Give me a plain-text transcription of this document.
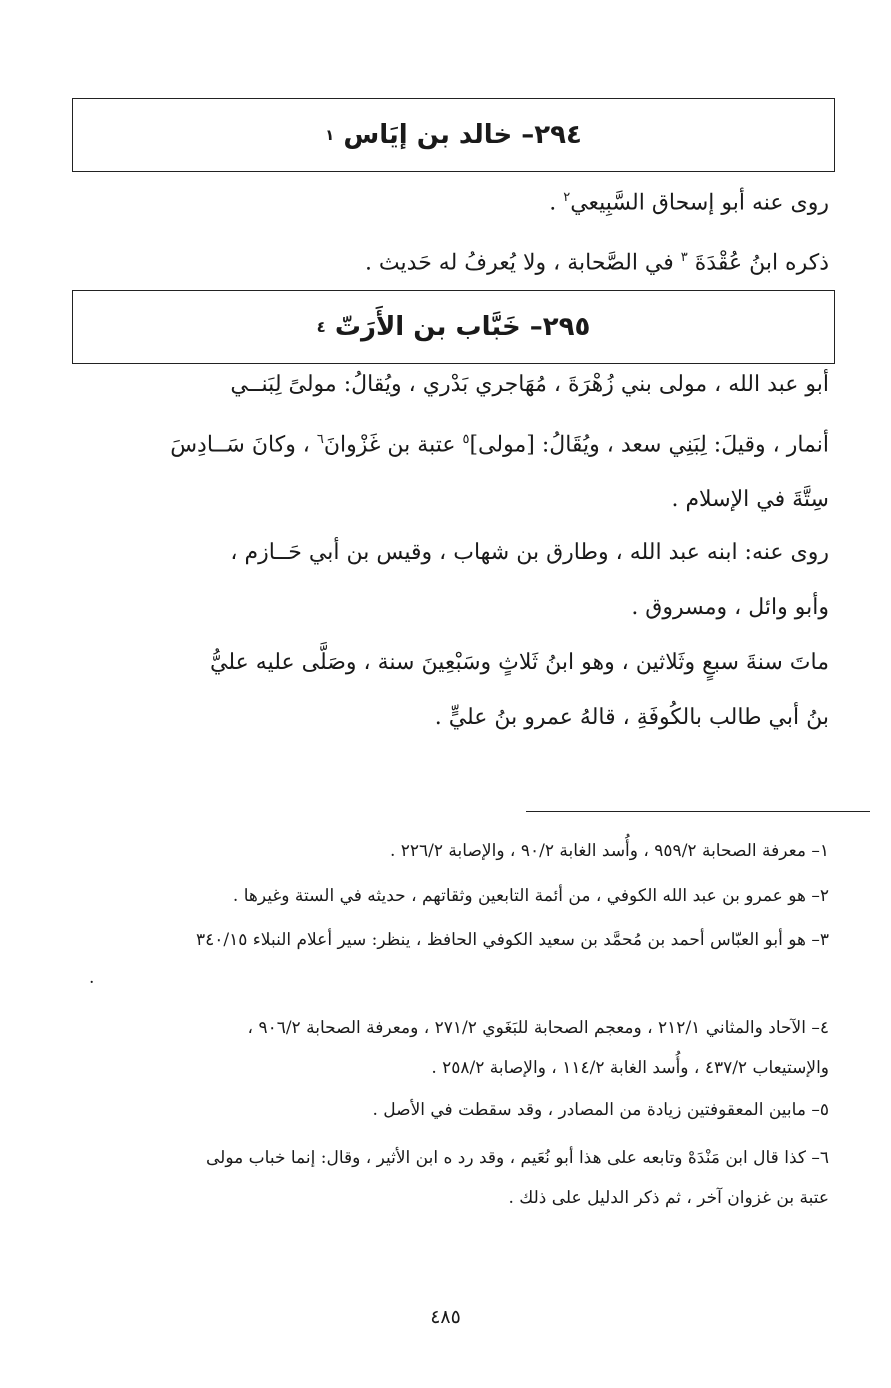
٢٩٤
–

خالد بن إيَاس

١
روى عنه أبو إسحاق السَّبِيعي$^٢$ .
ذكره ابنُ عُقْدَةَ $^٣$ في الصَّحابة ، ولا يُعرفُ له حَديث .
٢٩٥
–

خَبَّاب بن الأَرَتّ

٤
أبو عبد الله ، مولى بني زُهْرَةَ ، مُهَاجري بَدْري ، ويُقالُ: مولىً لِبَنــي
أنمار ، وقيلَ: لِبَنِي سعد ، ويُقَالُ: [مولى]$^٥$ عتبة بن غَزْوانَ$^٦$ ، وكانَ سَــادِسَ
سِتَّةَ في الإسلام .
روى عنه: ابنه عبد الله ، وطارق بن شهاب ، وقيس بن أبي حَــازم ،
وأبو وائل ، ومسروق .
ماتَ سنةَ سبعٍ وثَلاثين ، وهو ابنُ ثَلاثٍ وسَبْعِينَ سنة ، وصَلَّى عليه عليُّ
بنُ أبي طالب بالكُوفَةِ ، قالهُ عمرو بنُ عليٍّ .
١– معرفة الصحابة ٩٥٩/٢ ، وأُسد الغابة ٩٠/٢ ، والإصابة ٢٢٦/٢ .
٢– هو عمرو بن عبد الله الكوفي ، من أئمة التابعين وثقاتهم ، حديثه في الستة وغيرها .
٣– هو أبو العبّاس أحمد بن مُحمَّد بن سعيد الكوفي الحافظ ، ينظر: سير أعلام النبلاء ٣٤٠/١٥
.
٤– الآحاد والمثاني ٢١٢/١ ، ومعجم الصحابة للبَغَوي ٢٧١/٢ ، ومعرفة الصحابة ٩٠٦/٢ ،
والإستيعاب ٤٣٧/٢ ، وأُسد الغابة ١١٤/٢ ، والإصابة ٢٥٨/٢ .
٥– مابين المعقوفتين زيادة من المصادر ، وقد سقطت في الأصل .
٦– كذا قال ابن مَنْدَهْ وتابعه على هذا أبو نُعَيم ، وقد رد ه ابن الأثير ، وقال: إنما خباب مولى
عتبة بن غزوان آخر ، ثم ذكر الدليل على ذلك .
٤٨٥
